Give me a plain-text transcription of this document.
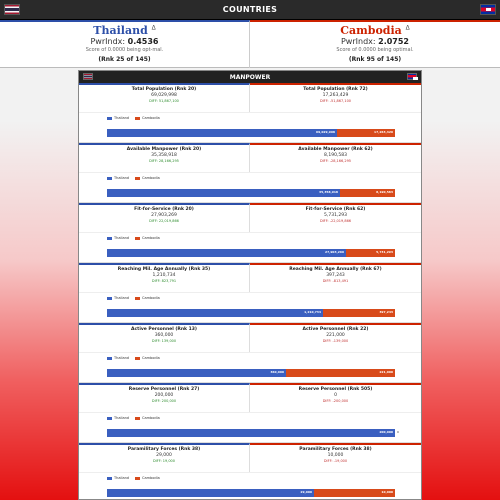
COUNTRIES
Thailand $^ᐃ$
PwrIndx: 0.4536
Score of 0.0000 being opt-mal.
(Rnk 25 of 145)
Cambodia $^ᐃ$
PwrIndx: 2.0752
Score of 0.0000 being optimal.
(Rnk 95 of 145)
MANPOWER
Total Population (Rnk 20)
69,029,998
DIFF: 51,867,100
Total Population (Rnk 72)
17,263,429
DIFF: -51,867,100
Thailand	Cambodia
69,029,998	17,263,429
Available Manpower (Rnk 20)
35,358,918
DIFF: 28,166,295
Available Manpower (Rnk 62)
8,190,583
DIFF: -28,166,295
Thailand	Cambodia
35,358,918	8,190,583
Fit-for-Service (Rnk 20)
27,903,269
DIFF: 22,019,866
Fit-for-Service (Rnk 62)
5,731,293
DIFF: -22,019,866
Thailand	Cambodia
27,903,269	5,731,293
Reaching Mil. Age Annually (Rnk 35)
1,210,734
DIFF: 823,791
Reaching Mil. Age Annually (Rnk 67)
397,243
DIFF: -813,491
Thailand	Cambodia
1,210,734	397,243
Active Personnel (Rnk 13)
360,000
DIFF: 139,000
Active Personnel (Rnk 22)
221,000
DIFF: -139,000
Thailand	Cambodia
360,000	221,000
Reserve Personnel (Rnk 27)
200,000
DIFF: 200,000
Reserve Personnel (Rnk 505)
0
DIFF: -200,000
Thailand	Cambodia
200,000 0
Paramilitary Forces (Rnk 38)
29,000
DIFF: 19,000
Paramilitary Forces (Rnk 38)
10,000
DIFF: -19,000
Thailand	Cambodia
29,000	10,000
